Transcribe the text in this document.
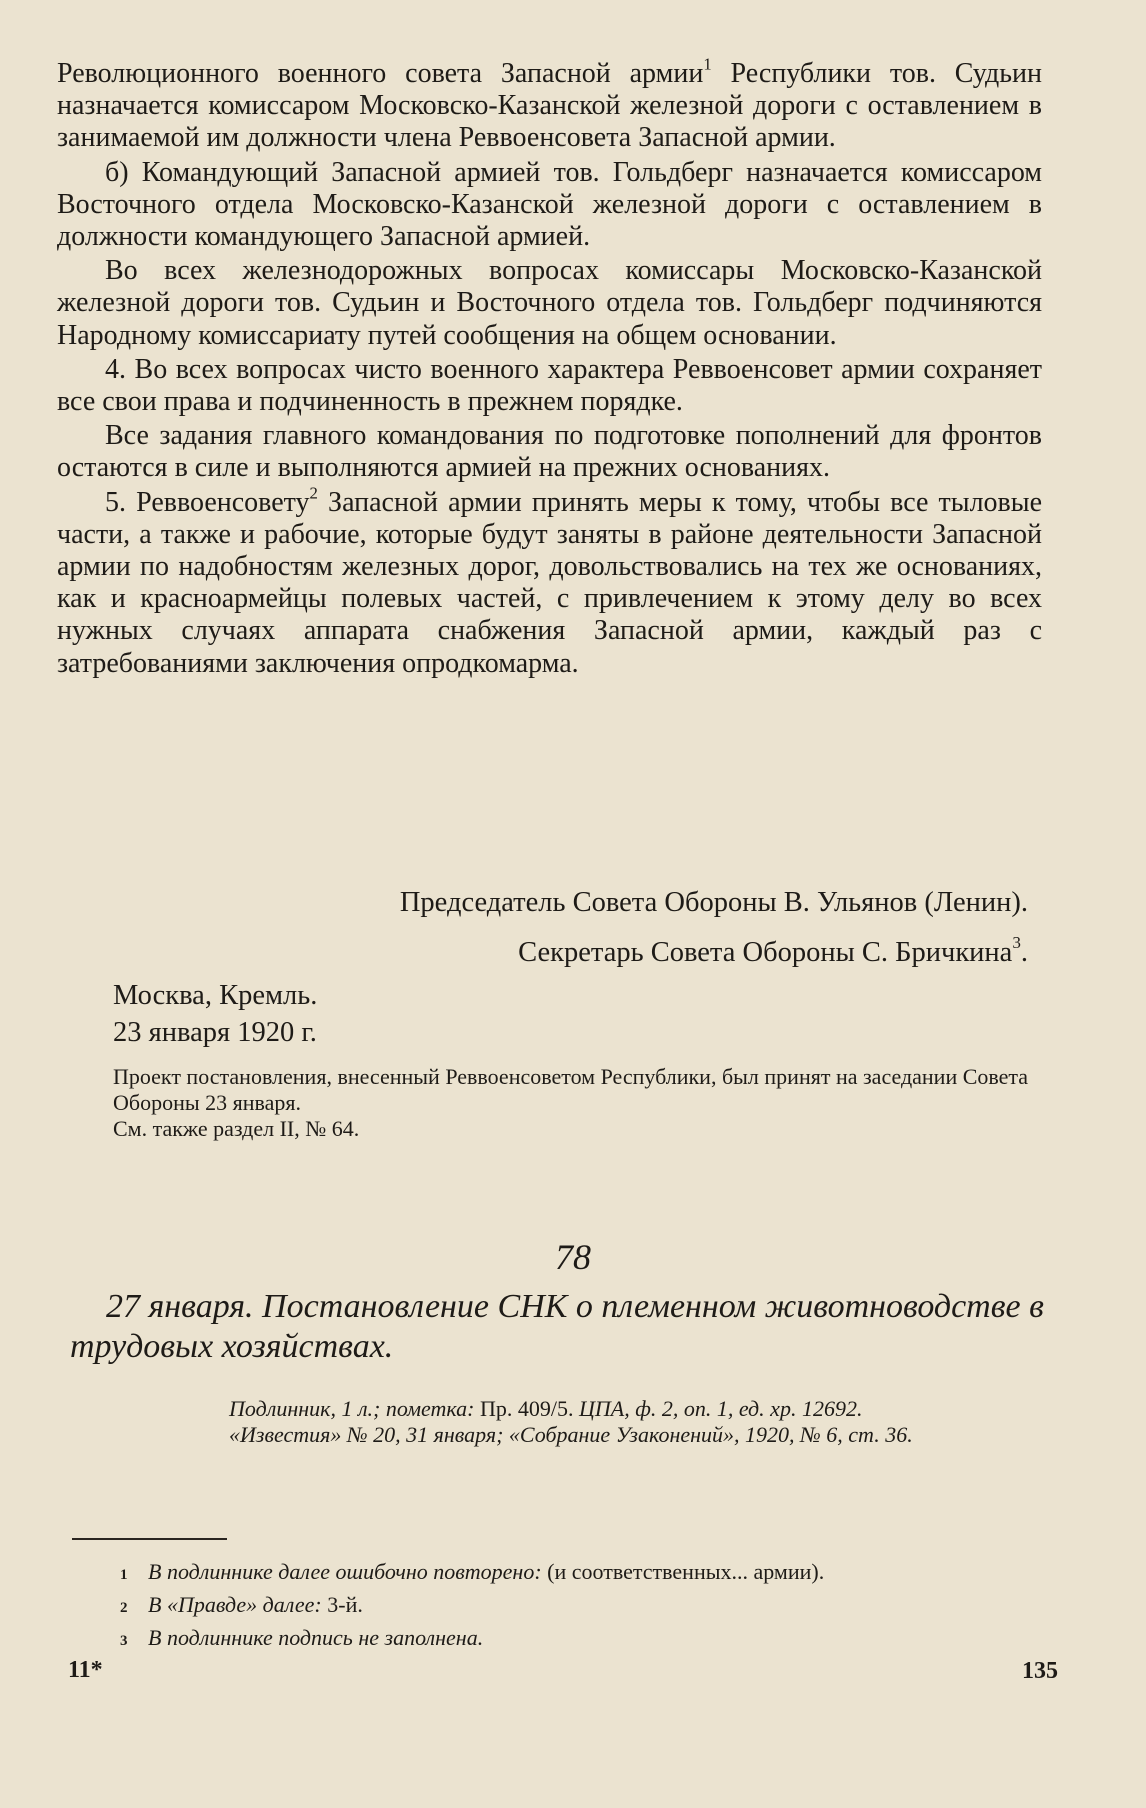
Революционного военного совета Запасной армии$^1$ Республики тов. Судьин назначается комиссаром Московско-Казанской железной дороги с оставлением в занимаемой им должности члена Реввоенсовета Запасной армии.

б) Командующий Запасной армией тов. Гольдберг назначается комиссаром Восточного отдела Московско-Казанской железной дороги с оставлением в должности командующего Запасной армией.

Во всех железнодорожных вопросах комиссары Московско-Казанской железной дороги тов. Судьин и Восточного отдела тов. Гольдберг подчиняются Народному комиссариату путей сообщения на общем основании.

4. Во всех вопросах чисто военного характера Реввоенсовет армии сохраняет все свои права и подчиненность в прежнем порядке.

Все задания главного командования по подготовке пополнений для фронтов остаются в силе и выполняются армией на прежних основаниях.

5. Реввоенсовету$^2$ Запасной армии принять меры к тому, чтобы все тыловые части, а также и рабочие, которые будут заняты в районе деятельности Запасной армии по надобностям железных дорог, довольствовались на тех же основаниях, как и красноармейцы полевых частей, с привлечением к этому делу во всех нужных случаях аппарата снабжения Запасной армии, каждый раз с затребованиями заключения опродкомарма.

Председатель Совета Обороны В. Ульянов (Ленин).
Секретарь Совета Обороны С. Бричкина$^3$.
Москва, Кремль.
23 января 1920 г.
Проект постановления, внесенный Реввоенсоветом Республики, был принят на заседании Совета Обороны 23 января.
См. также раздел II, № 64.
78
27 января. Постановление СНК о племенном животноводстве в трудовых хозяйствах.
Подлинник, 1 л.; пометка: Пр. 409/5. ЦПА, ф. 2, оп. 1, ед. хр. 12692.
«Известия» № 20, 31 января; «Собрание Узаконений», 1920, № 6, ст. 36.
1 В подлиннике далее ошибочно повторено: (и соответственных... армии).
2 В «Правде» далее: 3-й.
3 В подлиннике подпись не заполнена.
11*	135
